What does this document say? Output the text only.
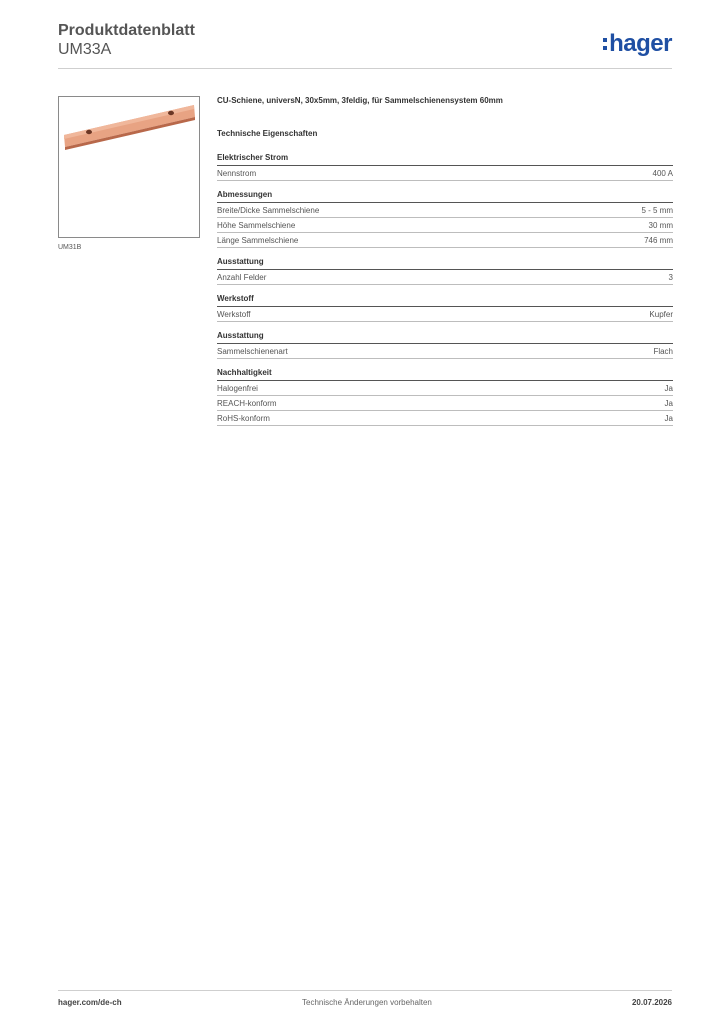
Produktdatenblatt
UM33A	hager
UM31B
CU-Schiene, universN, 30x5mm, 3feldig, für Sammelschienensystem 60mm
Technische Eigenschaften
Elektrischer Strom
Nennstrom	400 A
Abmessungen
Breite/Dicke Sammelschiene	5 - 5 mm
Höhe Sammelschiene	30 mm
Länge Sammelschiene	746 mm
Ausstattung
Anzahl Felder	3
Werkstoff
Werkstoff	Kupfer
Ausstattung
Sammelschienenart	Flach
Nachhaltigkeit
Halogenfrei	Ja
REACH-konform	Ja
RoHS-konform	Ja
hager.com/de-ch	Technische Änderungen vorbehalten	20.07.2026
